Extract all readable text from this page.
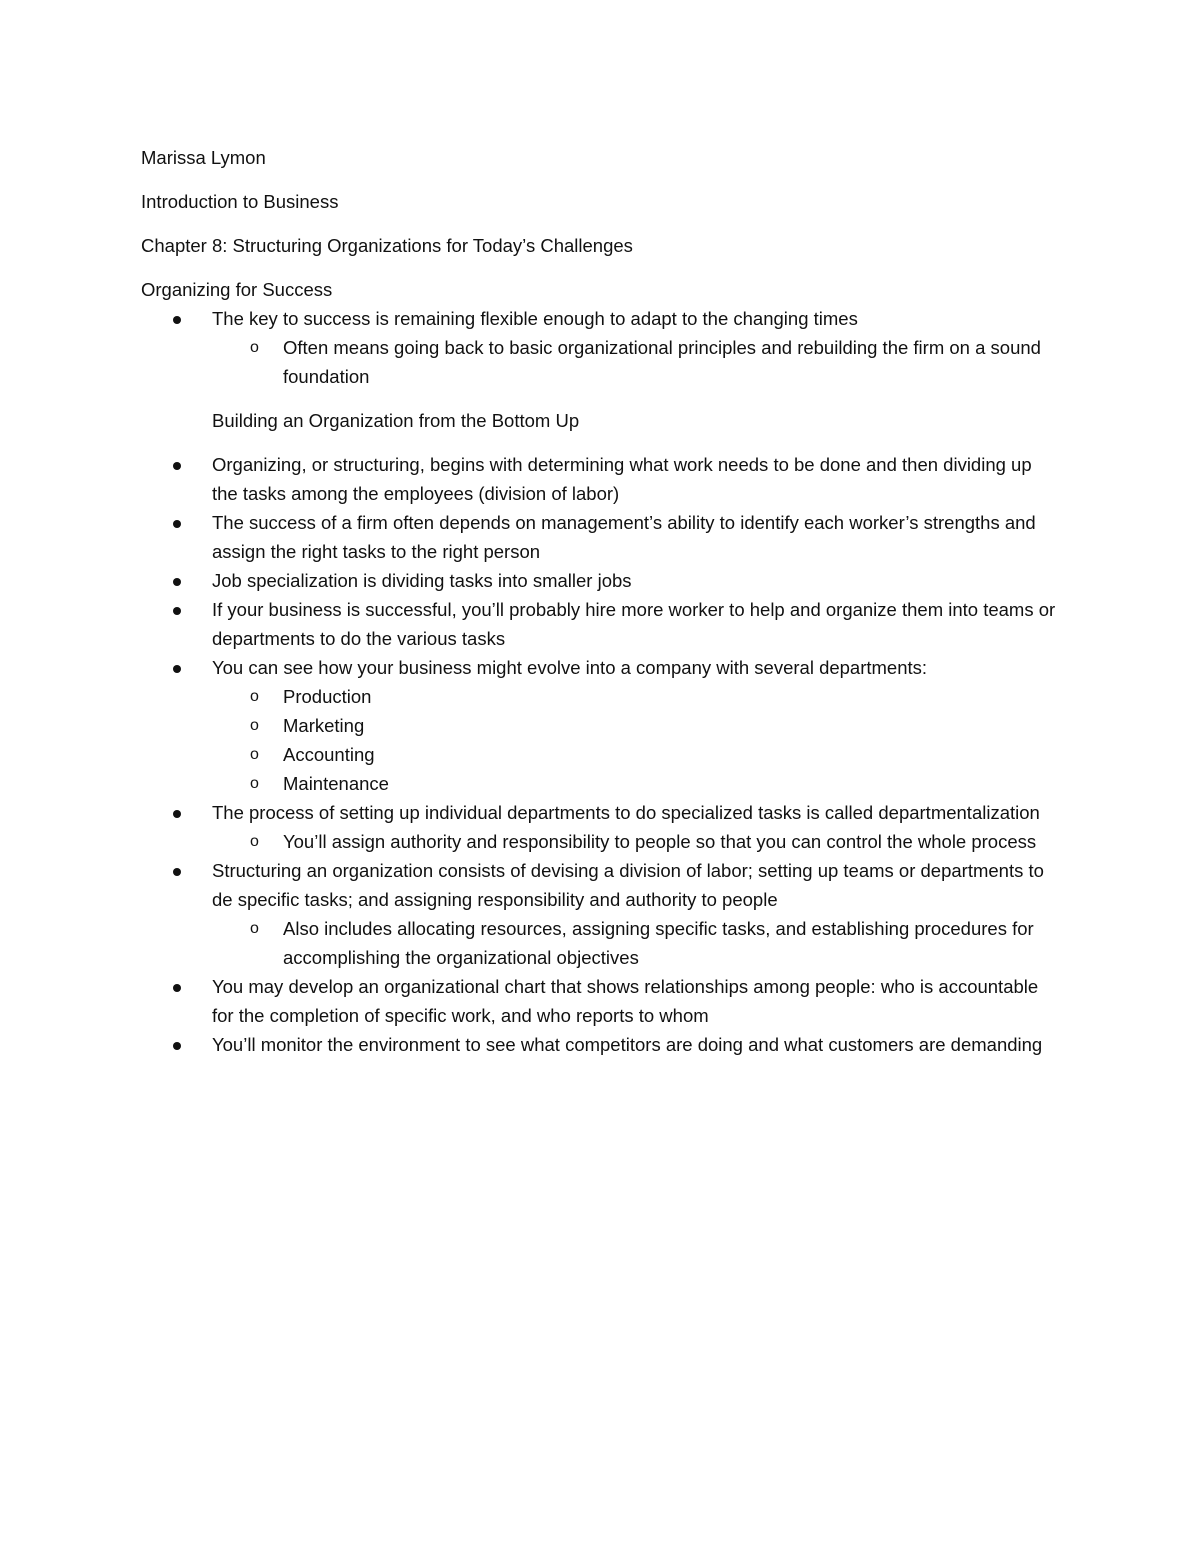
Marissa Lymon
Introduction to Business
Chapter 8: Structuring Organizations for Today’s Challenges
Organizing for Success
The key to success is remaining flexible enough to adapt to the changing times
o Often means going back to basic organizational principles and rebuilding the firm on a sound foundation
Building an Organization from the Bottom Up
Organizing, or structuring, begins with determining what work needs to be done and then dividing up the tasks among the employees (division of labor)
The success of a firm often depends on management’s ability to identify each worker’s strengths and assign the right tasks to the right person
Job specialization is dividing tasks into smaller jobs
If your business is successful, you’ll probably hire more worker to help and organize them into teams or departments to do the various tasks
You can see how your business might evolve into a company with several departments:
o Production
o Marketing
o Accounting
o Maintenance
The process of setting up individual departments to do specialized tasks is called departmentalization
o You’ll assign authority and responsibility to people so that you can control the whole process
Structuring an organization consists of devising a division of labor; setting up teams or departments to de specific tasks; and assigning responsibility and authority to people
o Also includes allocating resources, assigning specific tasks, and establishing procedures for accomplishing the organizational objectives
You may develop an organizational chart that shows relationships among people: who is accountable for the completion of specific work, and who reports to whom
You’ll monitor the environment to see what competitors are doing and what customers are demanding
